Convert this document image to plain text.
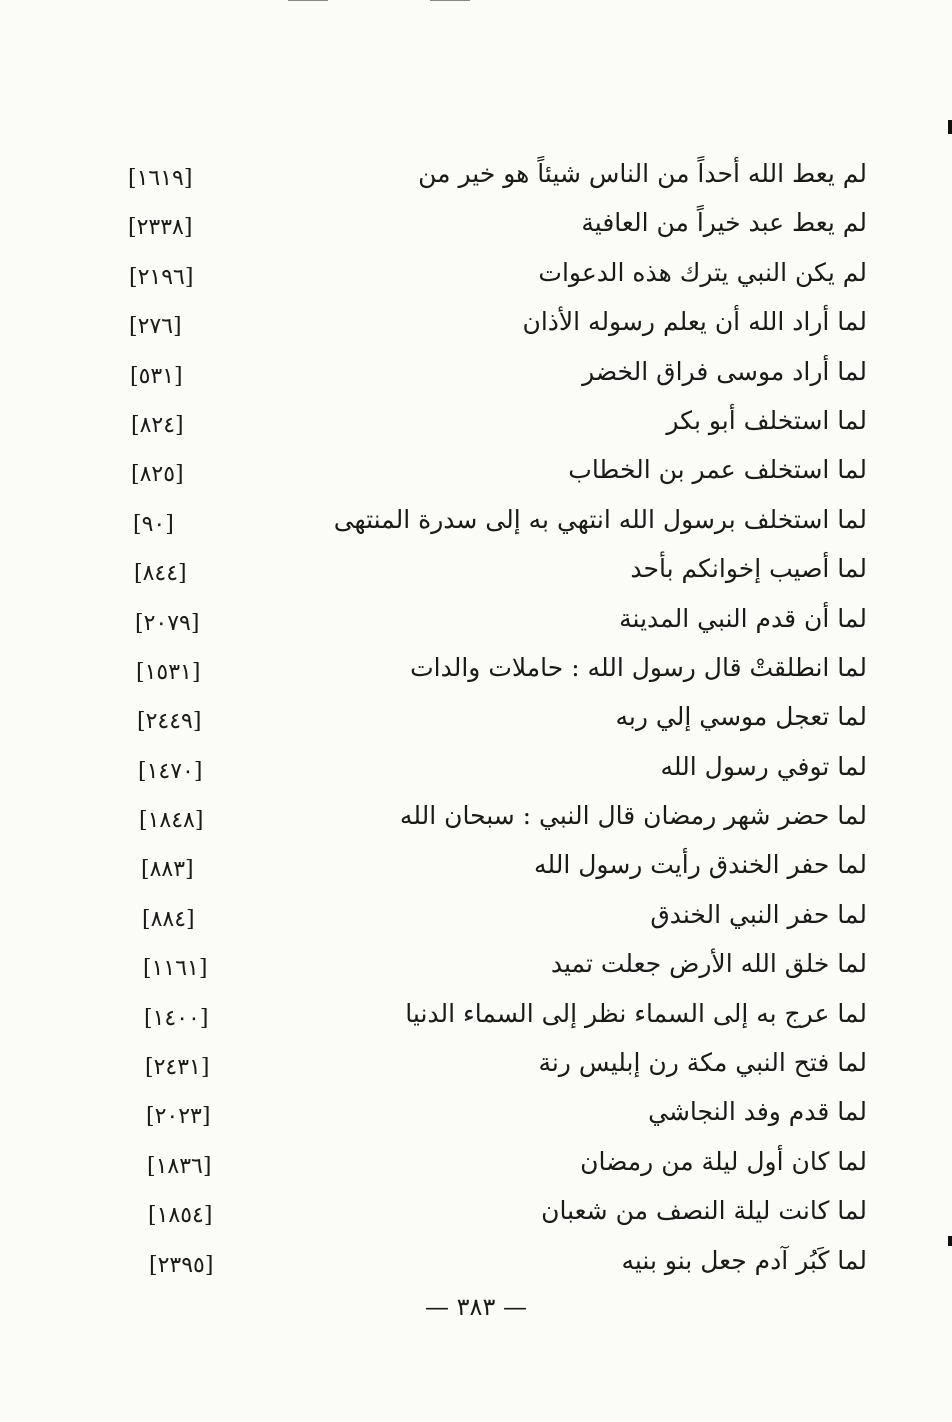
لم يعط الله أحداً من الناس شيئاً هو خير من
[١٦١٩]
لم يعط عبد خيراً من العافية
[٢٣٣٨]
لم يكن النبي يترك هذه الدعوات
[٢١٩٦]
لما أراد الله أن يعلم رسوله الأذان
[٢٧٦]
لما أراد موسى فراق الخضر
[٥٣١]
لما استخلف أبو بكر
[٨٢٤]
لما استخلف عمر بن الخطاب
[٨٢٥]
لما استخلف برسول الله انتهي به إلى سدرة المنتهى
[٩٠]
لما أصيب إخوانكم بأحد
[٨٤٤]
لما أن قدم النبي المدينة
[٢٠٧٩]
لما انطلقتْ قال رسول الله : حاملات والدات
[١٥٣١]
لما تعجل موسي إلي ربه
[٢٤٤٩]
لما توفي رسول الله
[١٤٧٠]
لما حضر شهر رمضان قال النبي : سبحان الله
[١٨٤٨]
لما حفر الخندق رأيت رسول الله
[٨٨٣]
لما حفر النبي الخندق
[٨٨٤]
لما خلق الله الأرض جعلت تميد
[١١٦١]
لما عرج به إلى السماء نظر إلى السماء الدنيا
[١٤٠٠]
لما فتح النبي مكة رن إبليس رنة
[٢٤٣١]
لما قدم وفد النجاشي
[٢٠٢٣]
لما كان أول ليلة من رمضان
[١٨٣٦]
لما كانت ليلة النصف من شعبان
[١٨٥٤]
لما كَبُر آدم جعل بنو بنيه
[٢٣٩٥]
— ٣٨٣ —
